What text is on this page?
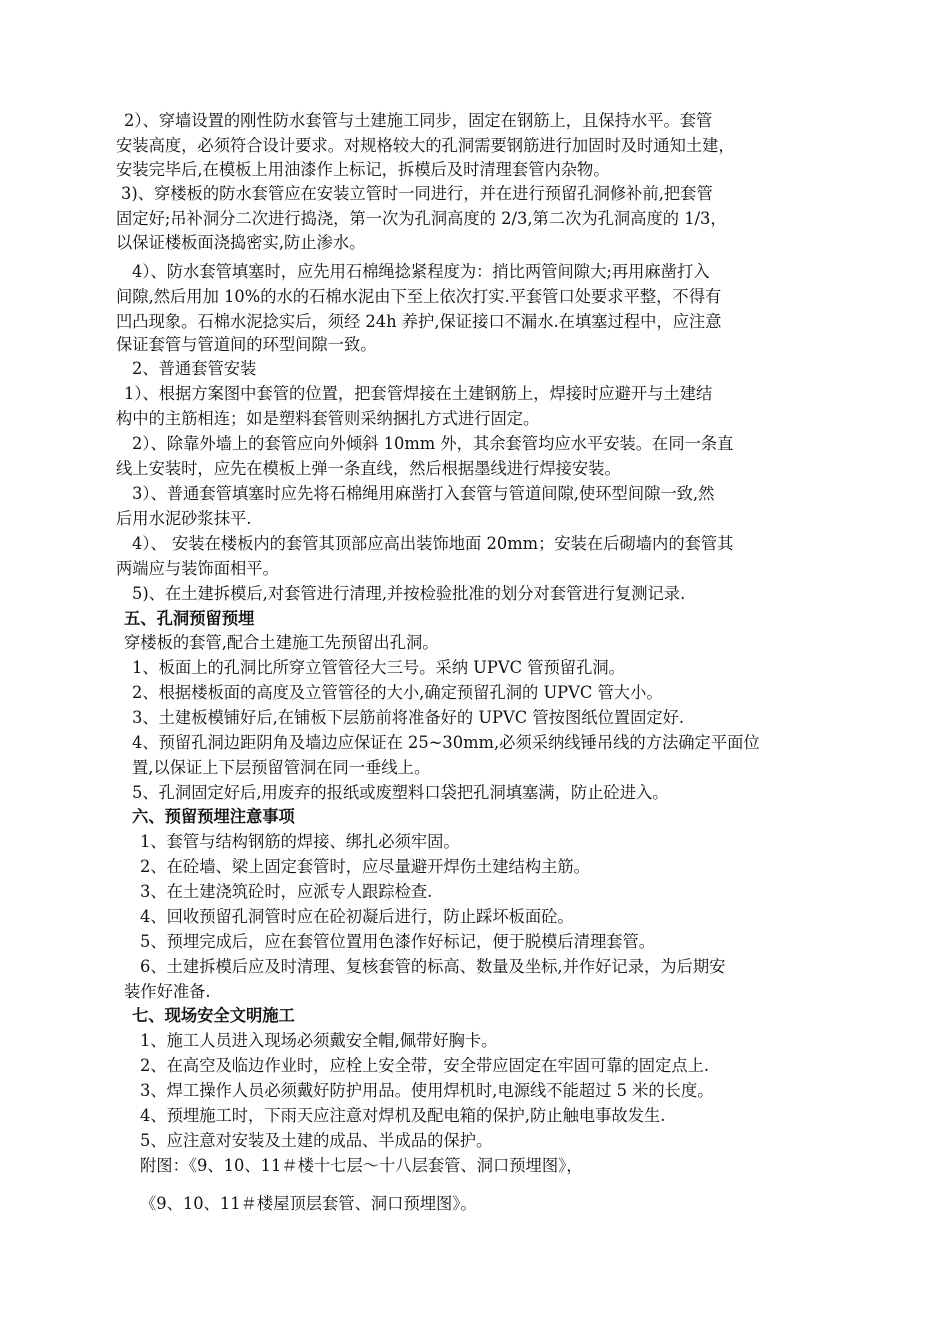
2）、穿墙设置的刚性防水套管与土建施工同步，固定在钢筋上，且保持水平。套管
安装高度，必须符合设计要求。对规格较大的孔洞需要钢筋进行加固时及时通知土建，
安装完毕后,在模板上用油漆作上标记，拆模后及时清理套管内杂物。
3)、穿楼板的防水套管应在安装立管时一同进行，并在进行预留孔洞修补前,把套管
固定好;吊补洞分二次进行捣浇，第一次为孔洞高度的 2/3,第二次为孔洞高度的 1/3，
以保证楼板面浇捣密实,防止渗水。
4）、防水套管填塞时，应先用石棉绳捻紧程度为：捎比两管间隙大;再用麻凿打入
间隙,然后用加 10%的水的石棉水泥由下至上依次打实.平套管口处要求平整，不得有
凹凸现象。石棉水泥捻实后，须经 24h 养护,保证接口不漏水.在填塞过程中，应注意
保证套管与管道间的环型间隙一致。
2、普通套管安装
1）、根据方案图中套管的位置，把套管焊接在土建钢筋上，焊接时应避开与土建结
构中的主筋相连；如是塑料套管则采纳捆扎方式进行固定。
2）、除靠外墙上的套管应向外倾斜 10mm 外，其余套管均应水平安装。在同一条直
线上安装时，应先在模板上弹一条直线，然后根据墨线进行焊接安装。
3）、普通套管填塞时应先将石棉绳用麻凿打入套管与管道间隙,使环型间隙一致,然
后用水泥砂浆抹平.
4）、 安装在楼板内的套管其顶部应高出装饰地面 20mm；安装在后砌墙内的套管其
两端应与装饰面相平。
5)、在土建拆模后,对套管进行清理,并按检验批准的划分对套管进行复测记录.
五、孔洞预留预埋
穿楼板的套管,配合土建施工先预留出孔洞。
1、板面上的孔洞比所穿立管管径大三号。采纳 UPVC 管预留孔洞。
2、根据楼板面的高度及立管管径的大小,确定预留孔洞的 UPVC 管大小。
3、土建板模铺好后,在铺板下层筋前将准备好的 UPVC 管按图纸位置固定好.
4、预留孔洞边距阴角及墙边应保证在 25~30mm,必须采纳线锤吊线的方法确定平面位
置,以保证上下层预留管洞在同一垂线上。
5、孔洞固定好后,用废弃的报纸或废塑料口袋把孔洞填塞满，防止砼进入。
六、预留预埋注意事项
1、套管与结构钢筋的焊接、绑扎必须牢固。
2、在砼墙、梁上固定套管时，应尽量避开焊伤土建结构主筋。
3、在土建浇筑砼时，应派专人跟踪检查.
4、回收预留孔洞管时应在砼初凝后进行，防止踩坏板面砼。
5、预埋完成后，应在套管位置用色漆作好标记，便于脱模后清理套管。
6、土建拆模后应及时清理、复核套管的标高、数量及坐标,并作好记录，为后期安
装作好准备.
七、现场安全文明施工
1、施工人员进入现场必须戴安全帽,佩带好胸卡。
2、在高空及临边作业时，应栓上安全带，安全带应固定在牢固可靠的固定点上.
3、焊工操作人员必须戴好防护用品。使用焊机时,电源线不能超过 5 米的长度。
4、预埋施工时，下雨天应注意对焊机及配电箱的保护,防止触电事故发生.
5、应注意对安装及土建的成品、半成品的保护。
附图：《9、10、11＃楼十七层～十八层套管、洞口预埋图》，
《9、10、11＃楼屋顶层套管、洞口预埋图》。
